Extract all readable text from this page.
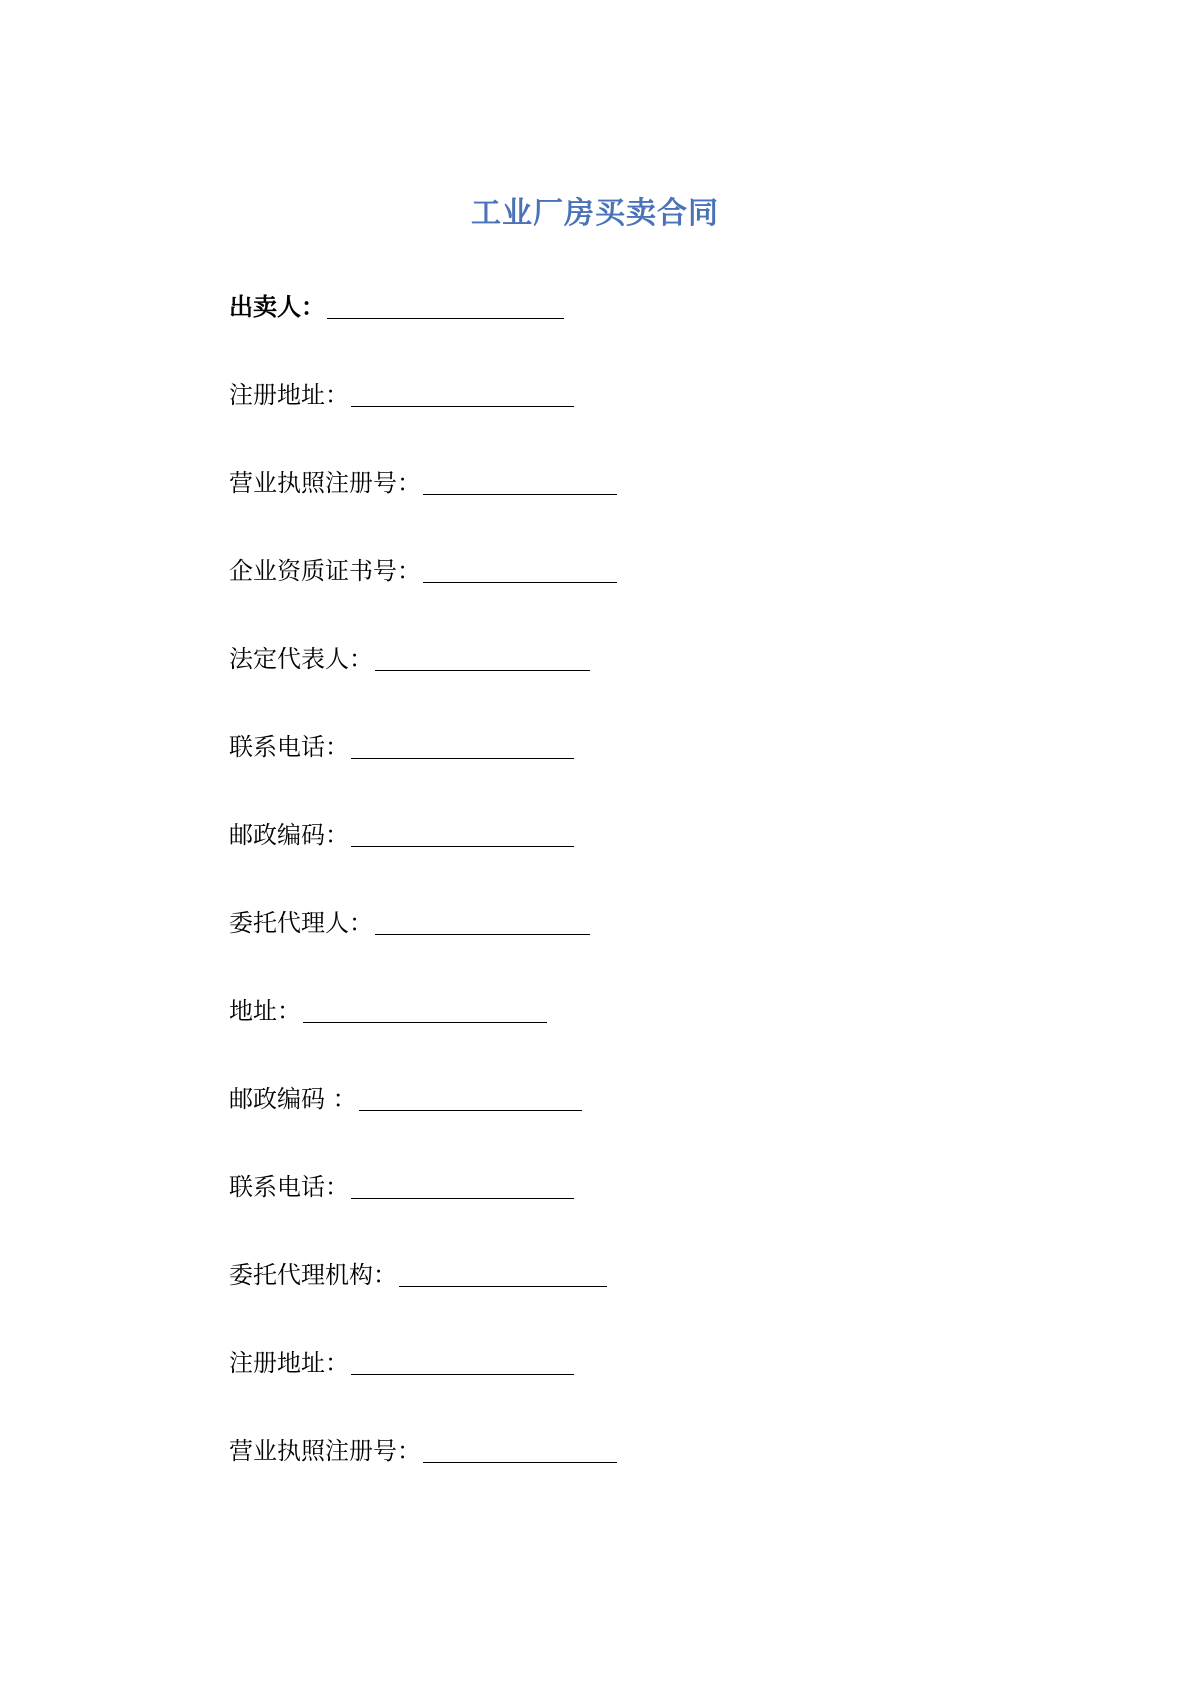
工业厂房买卖合同
出卖人：
注册地址：
营业执照注册号：
企业资质证书号：
法定代表人：
联系电话：
邮政编码：
委托代理人：
地址：
邮政编码 ：
联系电话：
委托代理机构：
注册地址：
营业执照注册号：
